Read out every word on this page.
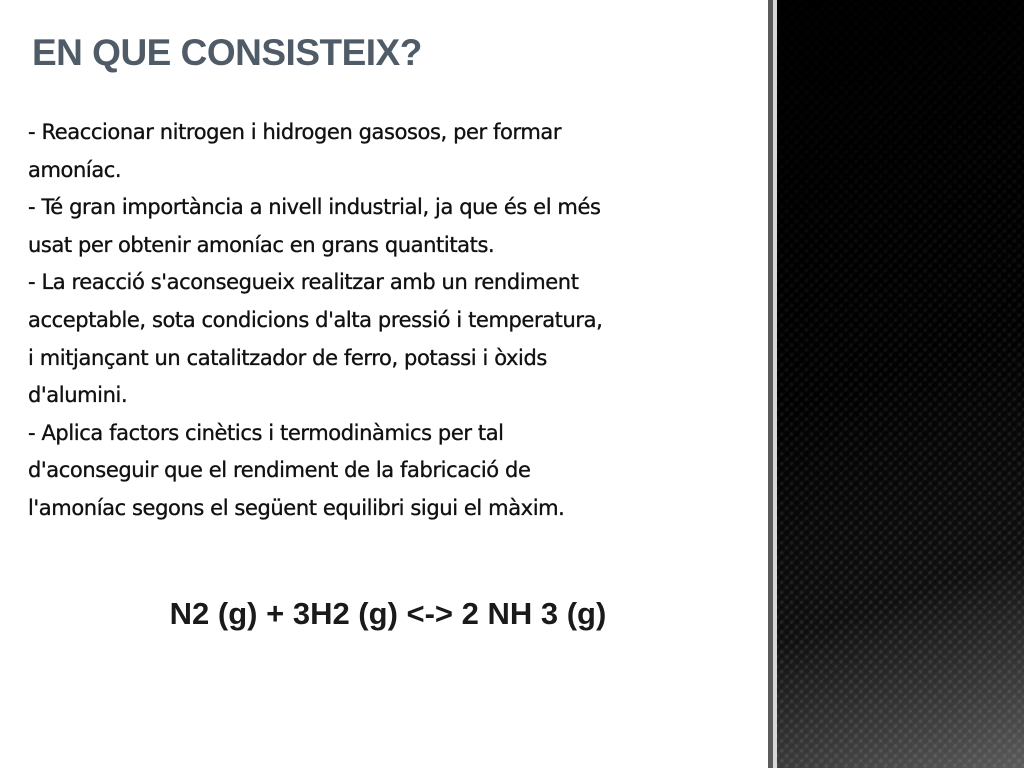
EN QUE CONSISTEIX?
- Reaccionar nitrogen i hidrogen gasosos, per formar
amoníac.
- Té gran importància a nivell industrial, ja que és el més
usat per obtenir amoníac en grans quantitats.
- La reacció s'aconsegueix realitzar amb un rendiment
acceptable, sota condicions d'alta pressió i temperatura,
i mitjançant un catalitzador de ferro, potassi i òxids
d'alumini.
- Aplica factors cinètics i termodinàmics per tal
d'aconseguir que el rendiment de la fabricació de
l'amoníac segons el següent equilibri sigui el màxim.
N2 (g) + 3H2 (g) <-> 2 NH 3 (g)
